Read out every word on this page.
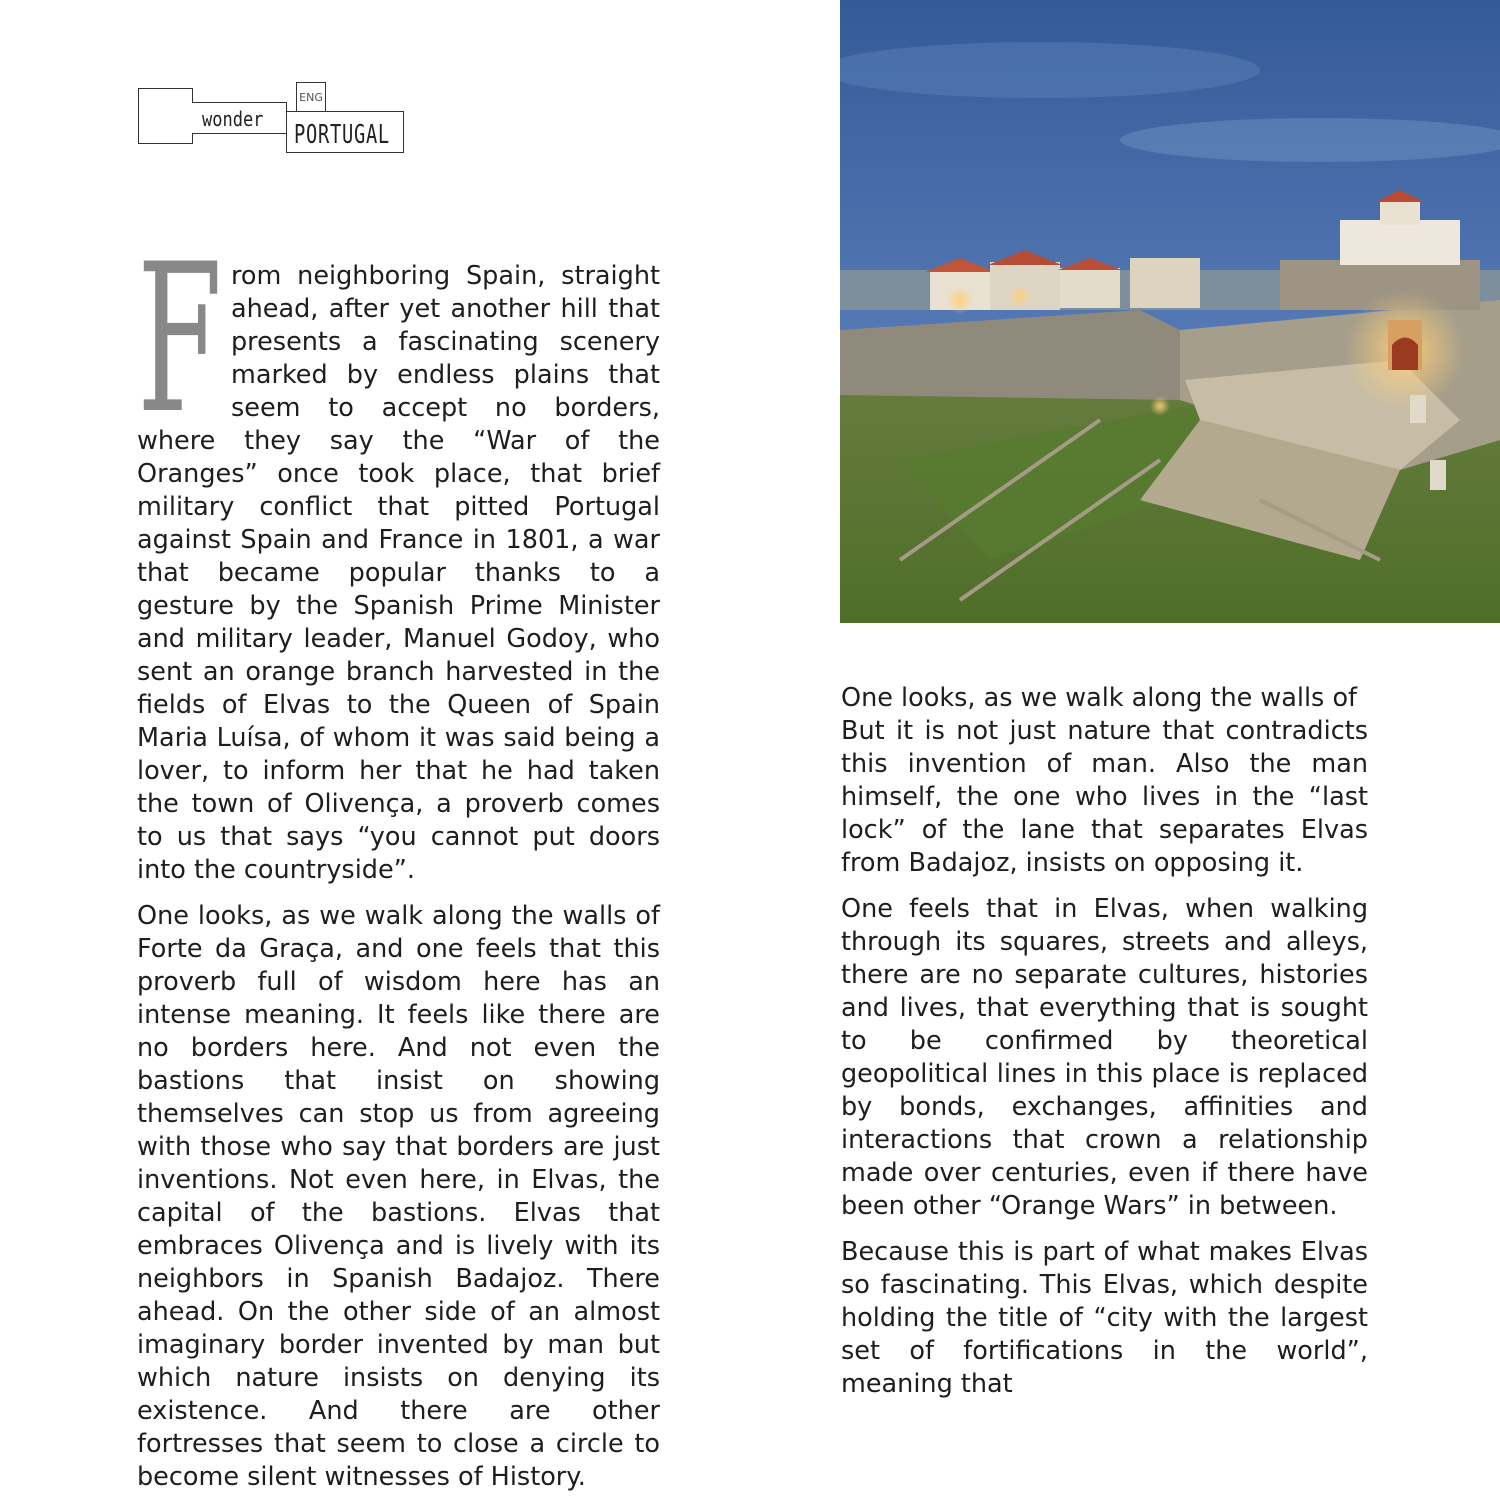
wonder
ENG
PORTUGAL

From neighboring Spain, straight ahead, after yet another hill that presents a fascinating scenery marked by endless plains that seem to accept no borders, where they say the “War of the Oranges” once took place, that brief military conflict that pitted Portugal against Spain and France in 1801, a war that became popular thanks to a gesture by the Spanish Prime Minister and military leader, Manuel Godoy, who sent an orange branch harvested in the fields of Elvas to the Queen of Spain Maria Luísa, of whom it was said being a lover, to inform her that he had taken the town of Olivença, a proverb comes to us that says “you cannot put doors into the countryside”.

One looks, as we walk along the walls of Forte da Graça, and one feels that this proverb full of wisdom here has an intense meaning. It feels like there are no borders here. And not even the bastions that insist on showing themselves can stop us from agreeing with those who say that borders are just inventions. Not even here, in Elvas, the capital of the bastions. Elvas that embraces Olivença and is lively with its neighbors in Spanish Badajoz. There ahead. On the other side of an almost imaginary border invented by man but which nature insists on denying its existence. And there are other fortresses that seem to close a circle to become silent witnesses of History.

One looks, as we walk along the walls of

But it is not just nature that contradicts this invention of man. Also the man himself, the one who lives in the “last lock” of the lane that separates Elvas from Badajoz, insists on opposing it.

One feels that in Elvas, when walking through its squares, streets and alleys, there are no separate cultures, histories and lives, that everything that is sought to be confirmed by theoretical geopolitical lines in this place is replaced by bonds, exchanges, affinities and interactions that crown a relationship made over centuries, even if there have been other “Orange Wars” in between.

Because this is part of what makes Elvas so fascinating. This Elvas, which despite holding the title of “city with the largest set of fortifications in the world”, meaning that
